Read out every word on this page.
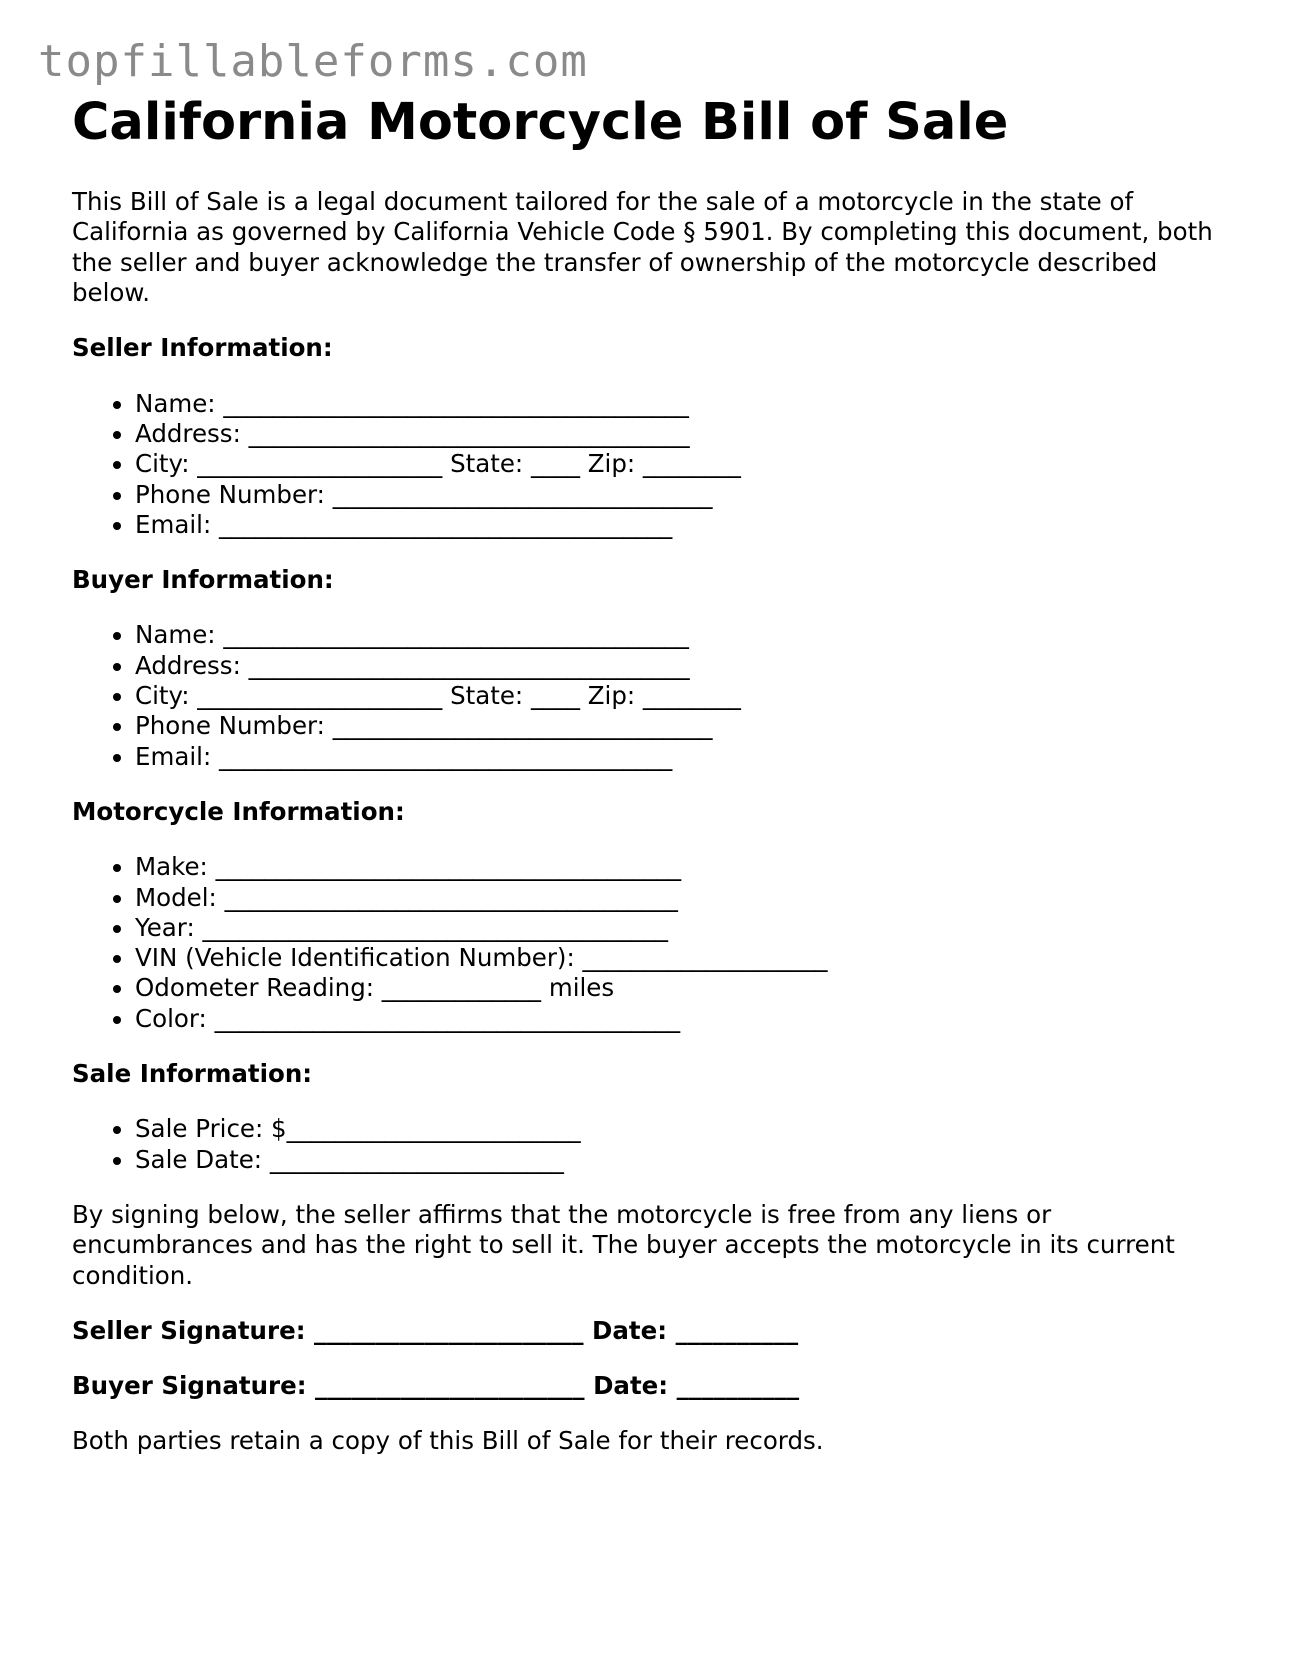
topfillableforms.com
California Motorcycle Bill of Sale

This Bill of Sale is a legal document tailored for the sale of a motorcycle in the state of California as governed by California Vehicle Code § 5901. By completing this document, both the seller and buyer acknowledge the transfer of ownership of the motorcycle described below.

Seller Information:

• Name: ______________________________________
• Address: ____________________________________
• City: ____________________ State: ____ Zip: ________
• Phone Number: _______________________________
• Email: _____________________________________

Buyer Information:

• Name: ______________________________________
• Address: ____________________________________
• City: ____________________ State: ____ Zip: ________
• Phone Number: _______________________________
• Email: _____________________________________

Motorcycle Information:

• Make: ______________________________________
• Model: _____________________________________
• Year: ______________________________________
• VIN (Vehicle Identification Number): ____________________
• Odometer Reading: _____________ miles
• Color: ______________________________________

Sale Information:

• Sale Price: $________________________
• Sale Date: ________________________

By signing below, the seller affirms that the motorcycle is free from any liens or encumbrances and has the right to sell it. The buyer accepts the motorcycle in its current condition.

Seller Signature: ______________________ Date: __________

Buyer Signature: ______________________ Date: __________

Both parties retain a copy of this Bill of Sale for their records.
